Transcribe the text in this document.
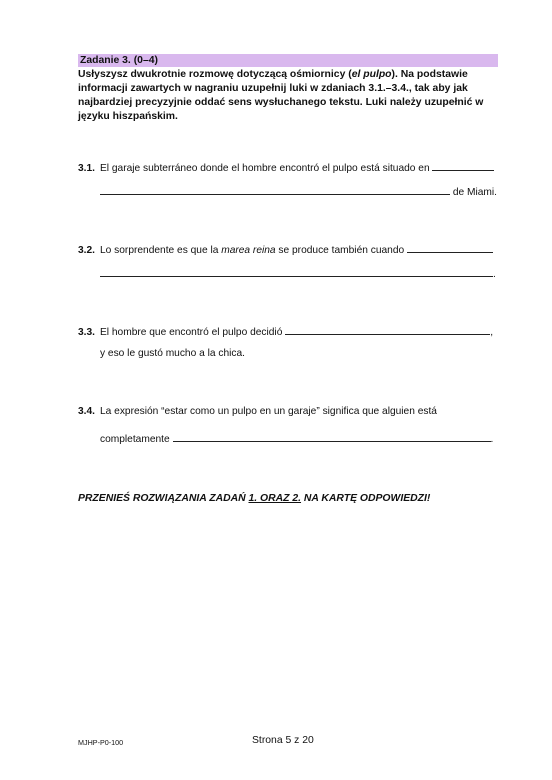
Zadanie 3. (0–4)
Usłyszysz dwukrotnie rozmowę dotyczącą ośmiornicy (el pulpo). Na podstawie informacji zawartych w nagraniu uzupełnij luki w zdaniach 3.1.–3.4., tak aby jak najbardziej precyzyjnie oddać sens wysłuchanego tekstu. Luki należy uzupełnić w języku hiszpańskim.
3.1. El garaje subterráneo donde el hombre encontró el pulpo está situado en
de Miami.
3.2. Lo sorprendente es que la marea reina se produce también cuando
.
3.3. El hombre que encontró el pulpo decidió	,
y eso le gustó mucho a la chica.
3.4. La expresión “estar como un pulpo en un garaje” significa que alguien está
completamente	.
PRZENIEŚ ROZWIĄZANIA ZADAŃ 1. ORAZ 2. NA KARTĘ ODPOWIEDZI!
MJHP-P0-100	Strona 5 z 20
